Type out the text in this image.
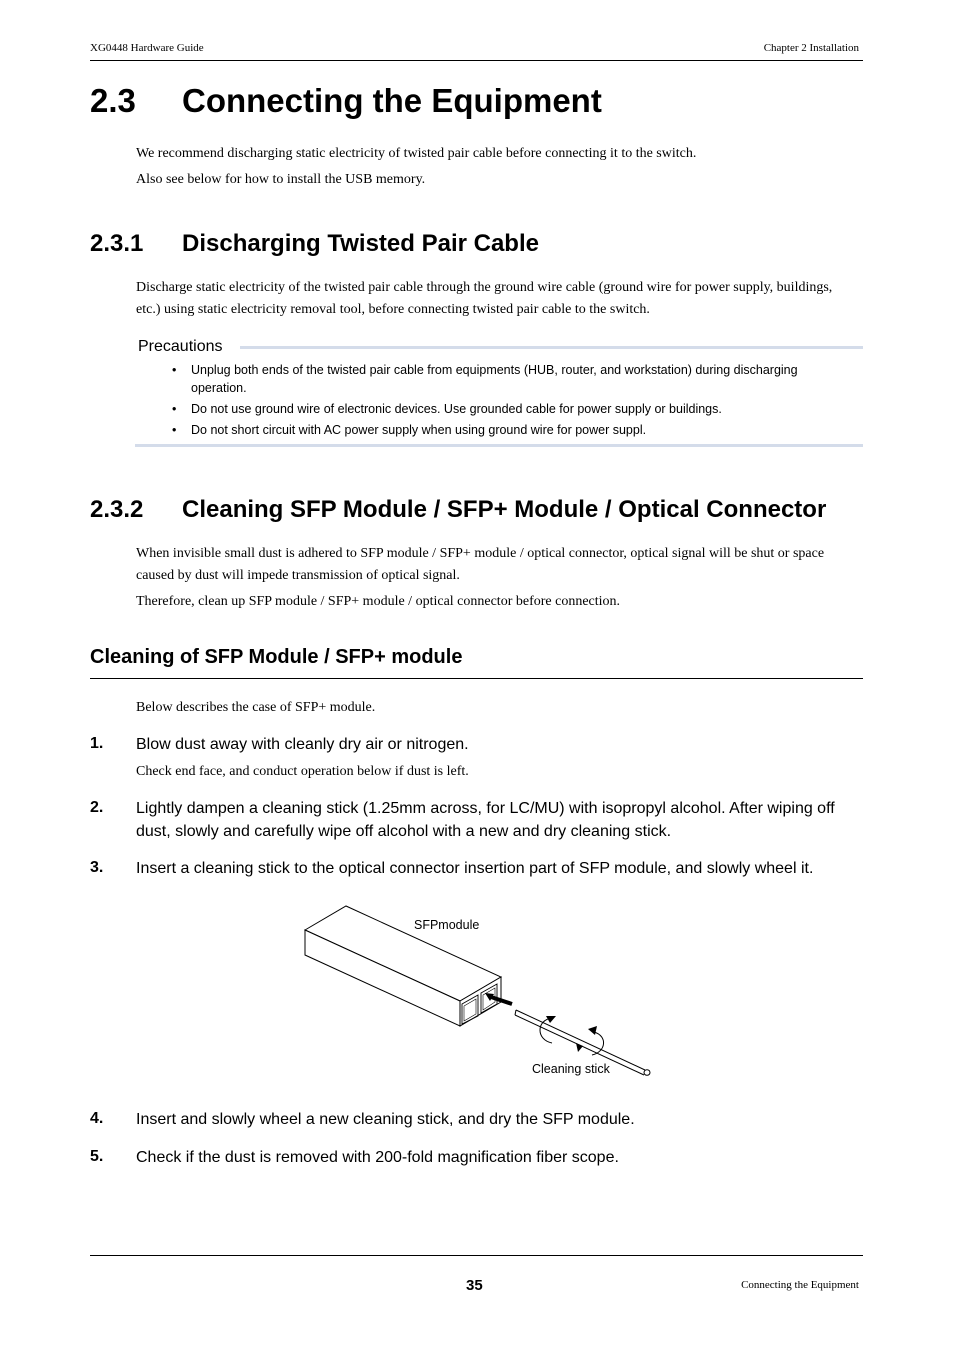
XG0448 Hardware Guide	Chapter 2 Installation
2.3 Connecting the Equipment
We recommend discharging static electricity of twisted pair cable before connecting it to the switch.
Also see below for how to install the USB memory.
2.3.1 Discharging Twisted Pair Cable
Discharge static electricity of the twisted pair cable through the ground wire cable (ground wire for power supply, buildings, etc.) using static electricity removal tool, before connecting twisted pair cable to the switch.
Precautions
• Unplug both ends of the twisted pair cable from equipments (HUB, router, and workstation) during discharging operation.
• Do not use ground wire of electronic devices. Use grounded cable for power supply or buildings.
• Do not short circuit with AC power supply when using ground wire for power suppl.
2.3.2 Cleaning SFP Module / SFP+ Module / Optical Connector
When invisible small dust is adhered to SFP module / SFP+ module / optical connector, optical signal will be shut or space caused by dust will impede transmission of optical signal.
Therefore, clean up SFP module / SFP+ module / optical connector before connection.
Cleaning of SFP Module / SFP+ module
Below describes the case of SFP+ module.
1. Blow dust away with cleanly dry air or nitrogen.
Check end face, and conduct operation below if dust is left.
2. Lightly dampen a cleaning stick (1.25mm across, for LC/MU) with isopropyl alcohol. After wiping off dust, slowly and carefully wipe off alcohol with a new and dry cleaning stick.
3. Insert a cleaning stick to the optical connector insertion part of SFP module, and slowly wheel it.
SFPmodule
Cleaning stick
4. Insert and slowly wheel a new cleaning stick, and dry the SFP module.
5. Check if the dust is removed with 200-fold magnification fiber scope.
35	Connecting the Equipment
